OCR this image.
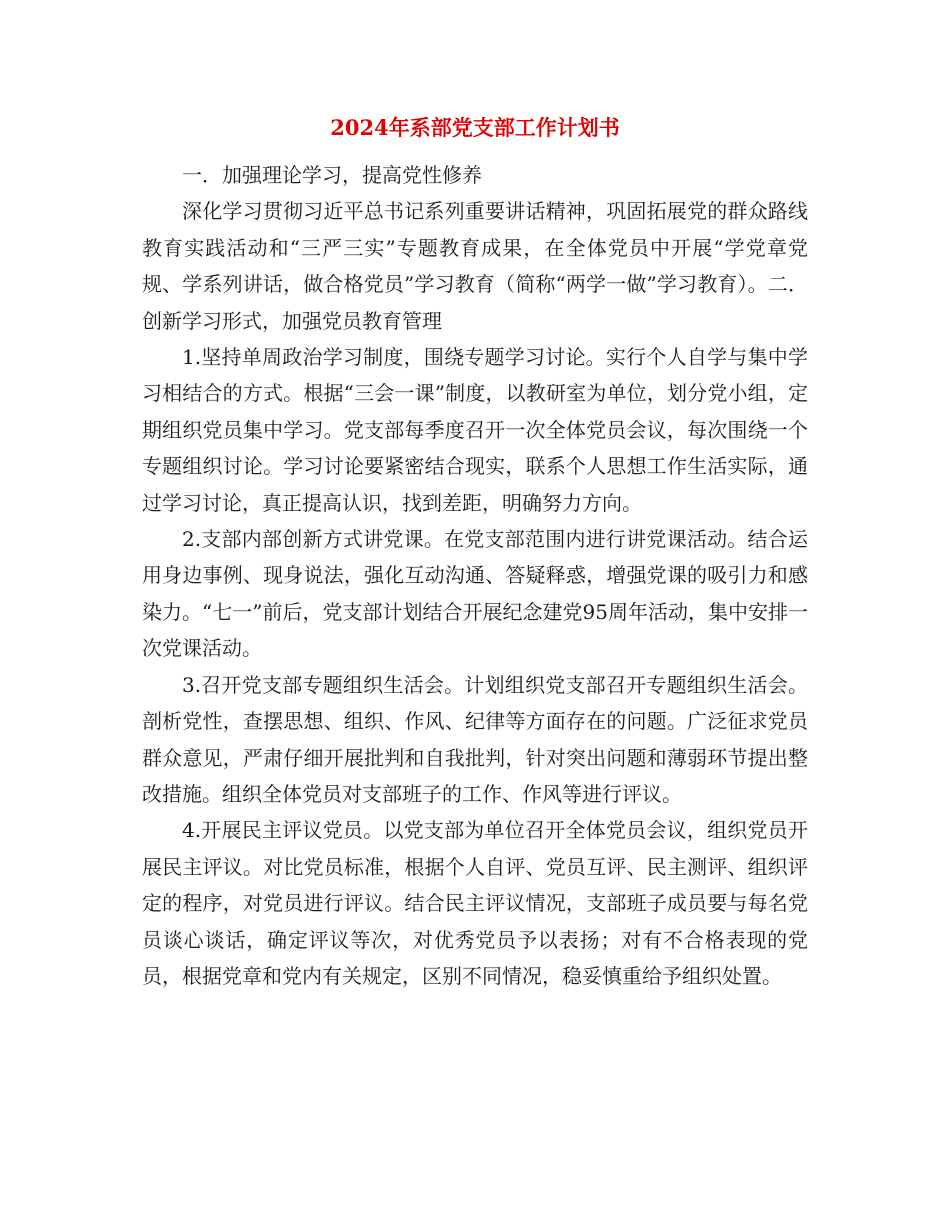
2024年系部党支部工作计划书

一．加强理论学习，提高党性修养

深化学习贯彻习近平总书记系列重要讲话精神，巩固拓展党的群众路线教育实践活动和“三严三实”专题教育成果，在全体党员中开展“学党章党规、学系列讲话，做合格党员”学习教育（简称“两学一做”学习教育）。二．创新学习形式，加强党员教育管理

1.坚持单周政治学习制度，围绕专题学习讨论。实行个人自学与集中学习相结合的方式。根据“三会一课”制度，以教研室为单位，划分党小组，定期组织党员集中学习。党支部每季度召开一次全体党员会议，每次围绕一个专题组织讨论。学习讨论要紧密结合现实，联系个人思想工作生活实际，通过学习讨论，真正提高认识，找到差距，明确努力方向。

2.支部内部创新方式讲党课。在党支部范围内进行讲党课活动。结合运用身边事例、现身说法，强化互动沟通、答疑释惑，增强党课的吸引力和感染力。“七一”前后，党支部计划结合开展纪念建党95周年活动，集中安排一次党课活动。

3.召开党支部专题组织生活会。计划组织党支部召开专题组织生活会。剖析党性，查摆思想、组织、作风、纪律等方面存在的问题。广泛征求党员群众意见，严肃仔细开展批判和自我批判，针对突出问题和薄弱环节提出整改措施。组织全体党员对支部班子的工作、作风等进行评议。

4.开展民主评议党员。以党支部为单位召开全体党员会议，组织党员开展民主评议。对比党员标准，根据个人自评、党员互评、民主测评、组织评定的程序，对党员进行评议。结合民主评议情况，支部班子成员要与每名党员谈心谈话，确定评议等次，对优秀党员予以表扬；对有不合格表现的党员，根据党章和党内有关规定，区别不同情况，稳妥慎重给予组织处置。
